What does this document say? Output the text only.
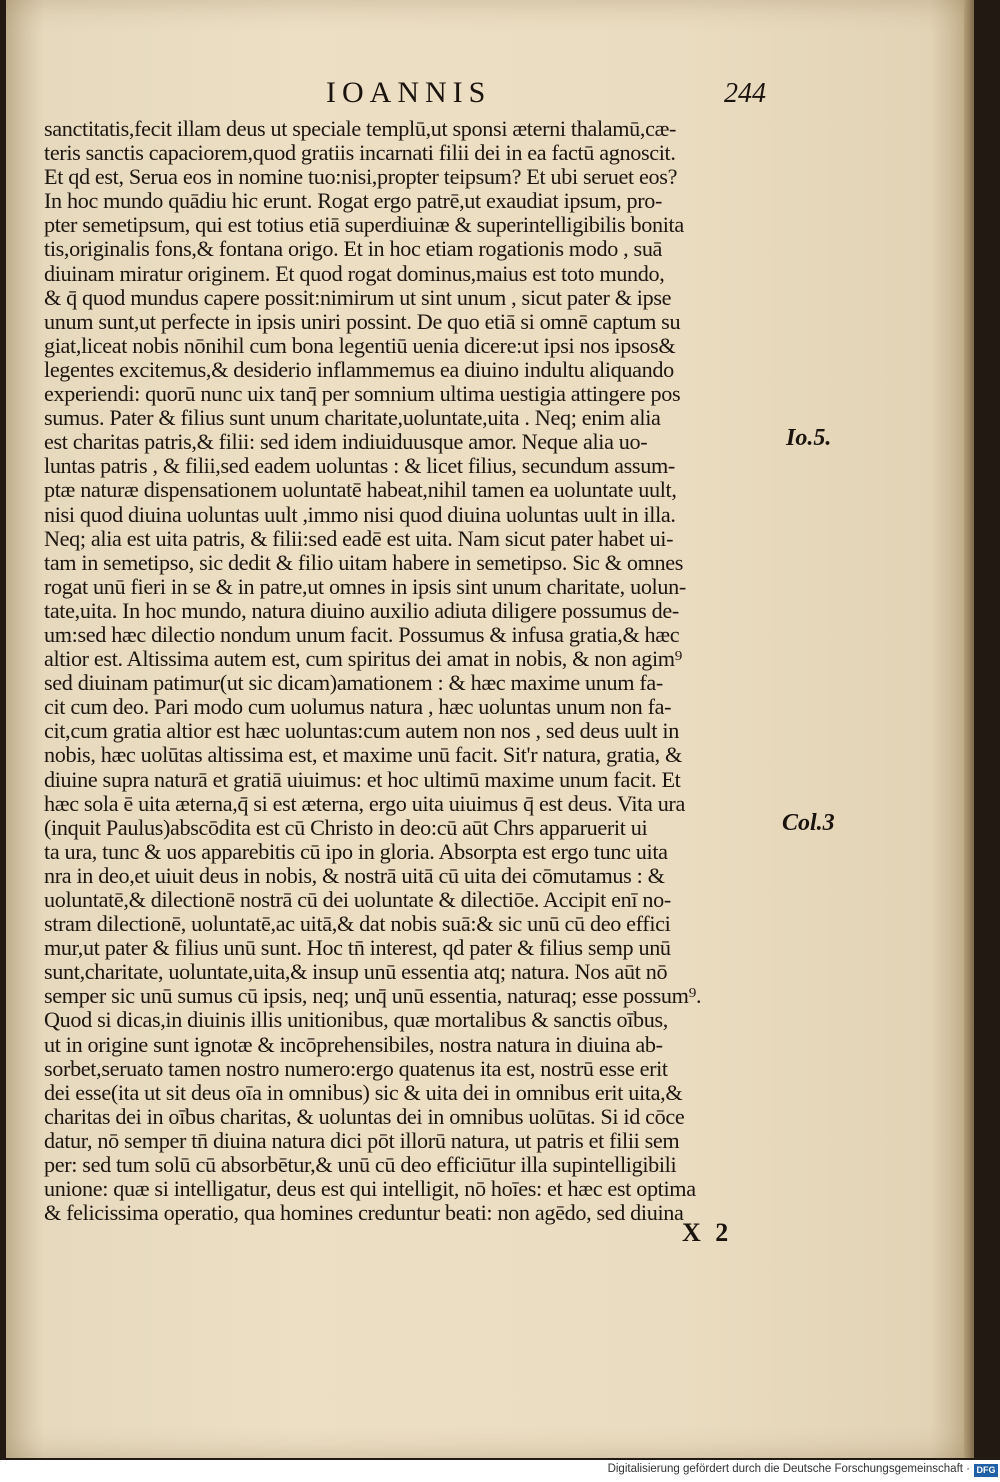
IOANNIS	244
sanctitatis,fecit illam deus ut speciale templū,ut sponsi æterni thalamū,cæ-
teris sanctis capaciorem,quod gratiis incarnati filii dei in ea factū agnoscit.
Et qd est, Serua eos in nomine tuo:nisi,propter teipsum? Et ubi seruet eos?
In hoc mundo quādiu hic erunt. Rogat ergo patrē,ut exaudiat ipsum, pro-
pter semetipsum, qui est totius etiā superdiuinæ & superintelligibilis bonita
tis,originalis fons,& fontana origo. Et in hoc etiam rogationis modo , suā
diuinam miratur originem. Et quod rogat dominus,maius est toto mundo,
& q̄ quod mundus capere possit:nimirum ut sint unum , sicut pater & ipse
unum sunt,ut perfecte in ipsis uniri possint. De quo etiā si omnē captum su
giat,liceat nobis nōnihil cum bona legentiū uenia dicere:ut ipsi nos ipsos&
legentes excitemus,& desiderio inflammemus ea diuino indultu aliquando
experiendi: quorū nunc uix tanq̄ per somnium ultima uestigia attingere pos
sumus. Pater & filius sunt unum charitate,uoluntate,uita . Neq; enim alia
est charitas patris,& filii: sed idem indiuiduusque amor. Neque alia uo-
luntas patris , & filii,sed eadem uoluntas : & licet filius, secundum assum-
ptæ naturæ dispensationem uoluntatē habeat,nihil tamen ea uoluntate uult,
nisi quod diuina uoluntas uult ,immo nisi quod diuina uoluntas uult in illa.
Neq; alia est uita patris, & filii:sed eadē est uita. Nam sicut pater habet ui-
tam in semetipso, sic dedit & filio uitam habere in semetipso. Sic & omnes
rogat unū fieri in se & in patre,ut omnes in ipsis sint unum charitate, uolun-
tate,uita. In hoc mundo, natura diuino auxilio adiuta diligere possumus de-
um:sed hæc dilectio nondum unum facit. Possumus & infusa gratia,& hæc
altior est. Altissima autem est, cum spiritus dei amat in nobis, & non agim⁹
sed diuinam patimur(ut sic dicam)amationem : & hæc maxime unum fa-
cit cum deo. Pari modo cum uolumus natura , hæc uoluntas unum non fa-
cit,cum gratia altior est hæc uoluntas:cum autem non nos , sed deus uult in
nobis, hæc uolūtas altissima est, et maxime unū facit. Sit'r natura, gratia, &
diuine supra naturā et gratiā uiuimus: et hoc ultimū maxime unum facit. Et
hæc sola ē uita æterna,q̄ si est æterna, ergo uita uiuimus q̄ est deus. Vita ura
(inquit Paulus)abscōdita est cū Christo in deo:cū aūt Chrs apparuerit ui
ta ura, tunc & uos apparebitis cū ipo in gloria. Absorpta est ergo tunc uita
nra in deo,et uiuit deus in nobis, & nostrā uitā cū uita dei cōmutamus : &
uoluntatē,& dilectionē nostrā cū dei uoluntate & dilectiōe. Accipit enī no-
stram dilectionē, uoluntatē,ac uitā,& dat nobis suā:& sic unū cū deo effici
mur,ut pater & filius unū sunt. Hoc tn̄ interest, qd pater & filius semp unū
sunt,charitate, uoluntate,uita,& insup unū essentia atq; natura. Nos aūt nō
semper sic unū sumus cū ipsis, neq; unq̄ unū essentia, naturaq; esse possum⁹.
Quod si dicas,in diuinis illis unitionibus, quæ mortalibus & sanctis oībus,
ut in origine sunt ignotæ & incōprehensibiles, nostra natura in diuina ab-
sorbet,seruato tamen nostro numero:ergo quatenus ita est, nostrū esse erit
dei esse(ita ut sit deus oīa in omnibus) sic & uita dei in omnibus erit uita,&
charitas dei in oībus charitas, & uoluntas dei in omnibus uolūtas. Si id cōce
datur, nō semper tn̄ diuina natura dici pōt illorū natura, ut patris et filii sem
per: sed tum solū cū absorbētur,& unū cū deo efficiūtur illa supintelligibili
unione: quæ si intelligatur, deus est qui intelligit, nō hoīes: et hæc est optima
& felicissima operatio, qua homines creduntur beati: non agēdo, sed diuina
Io.5.
Col.3
X 2
Digitalisierung gefördert durch die Deutsche Forschungsgemeinschaft · DFG
